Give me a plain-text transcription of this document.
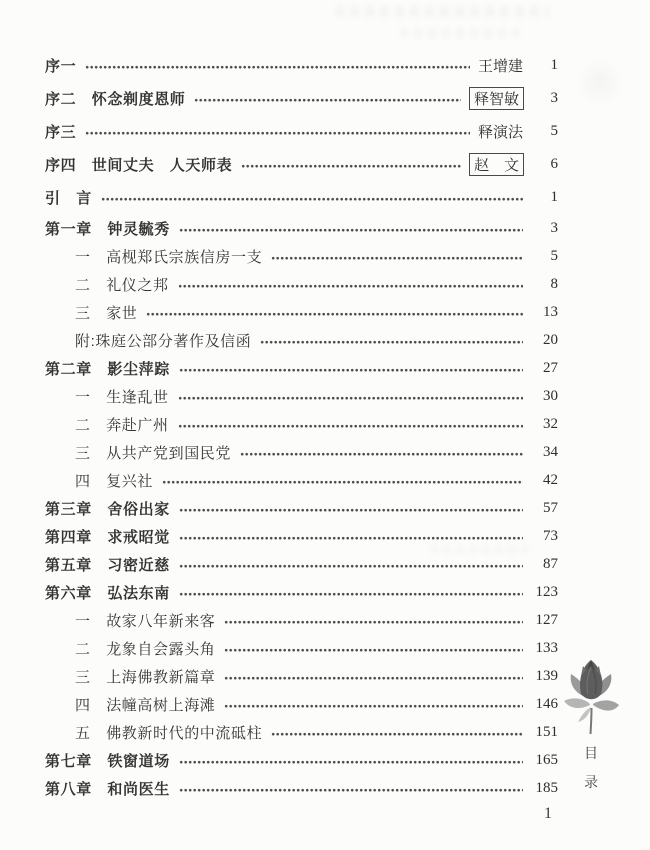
序一	王增建	1
序二　怀念剃度恩师	释智敏	3
序三	释演法	5
序四　世间丈夫　人天师表	赵　文	6
引　言	1
第一章　钟灵毓秀	3
一　高枧郑氏宗族信房一支	5
二　礼仪之邦	8
三　家世	13
附:珠庭公部分著作及信函	20
第二章　影尘萍踪	27
一　生逢乱世	30
二　奔赴广州	32
三　从共产党到国民党	34
四　复兴社	42
第三章　舍俗出家	57
第四章　求戒昭觉	73
第五章　习密近慈	87
第六章　弘法东南	123
一　故家八年新来客	127
二　龙象自会露头角	133
三　上海佛教新篇章	139
四　法幢高树上海滩	146
五　佛教新时代的中流砥柱	151
第七章　铁窗道场	165
第八章　和尚医生	185
目
录
1
